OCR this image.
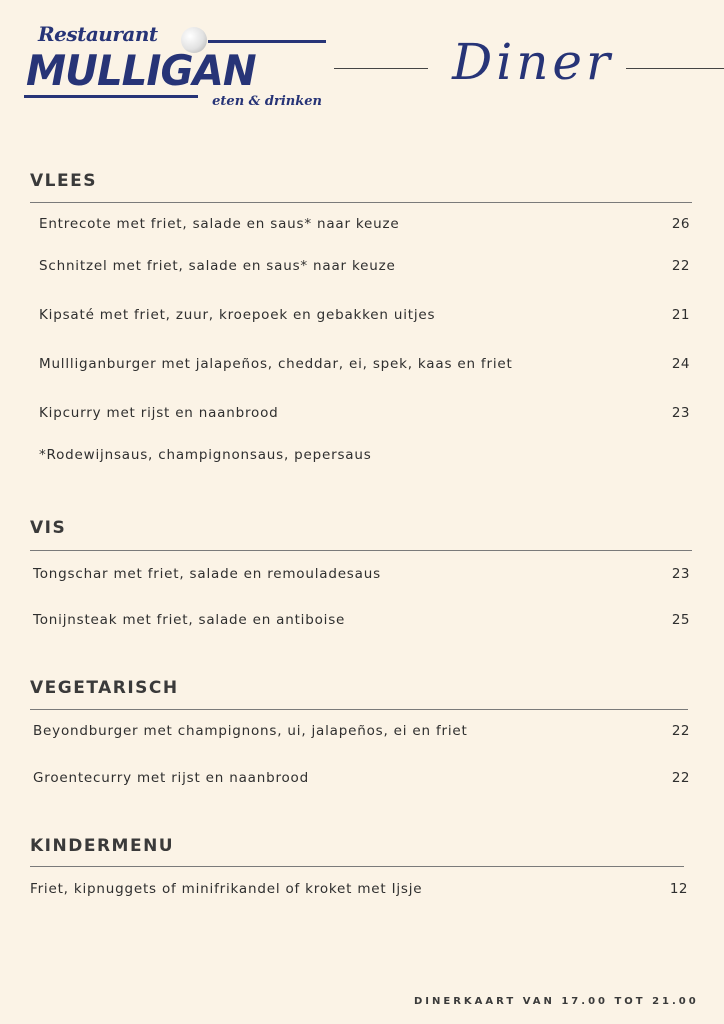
Restaurant
MULLIGAN
eten & drinken
Diner
VLEES
Entrecote met friet, salade en saus* naar keuze	26
Schnitzel met friet, salade en saus* naar keuze	22
Kipsaté met friet, zuur, kroepoek en gebakken uitjes	21
Mullliganburger met jalapeños, cheddar, ei, spek, kaas en friet	24
Kipcurry met rijst en naanbrood	23
*Rodewijnsaus, champignonsaus, pepersaus
VIS
Tongschar met friet, salade en remouladesaus	23
Tonijnsteak met friet, salade en antiboise	25
VEGETARISCH
Beyondburger met champignons, ui, jalapeños, ei en friet	22
Groentecurry met rijst en naanbrood	22
KINDERMENU
Friet, kipnuggets of minifrikandel of kroket met Ijsje	12
DINERKAART VAN 17.00 TOT 21.00
